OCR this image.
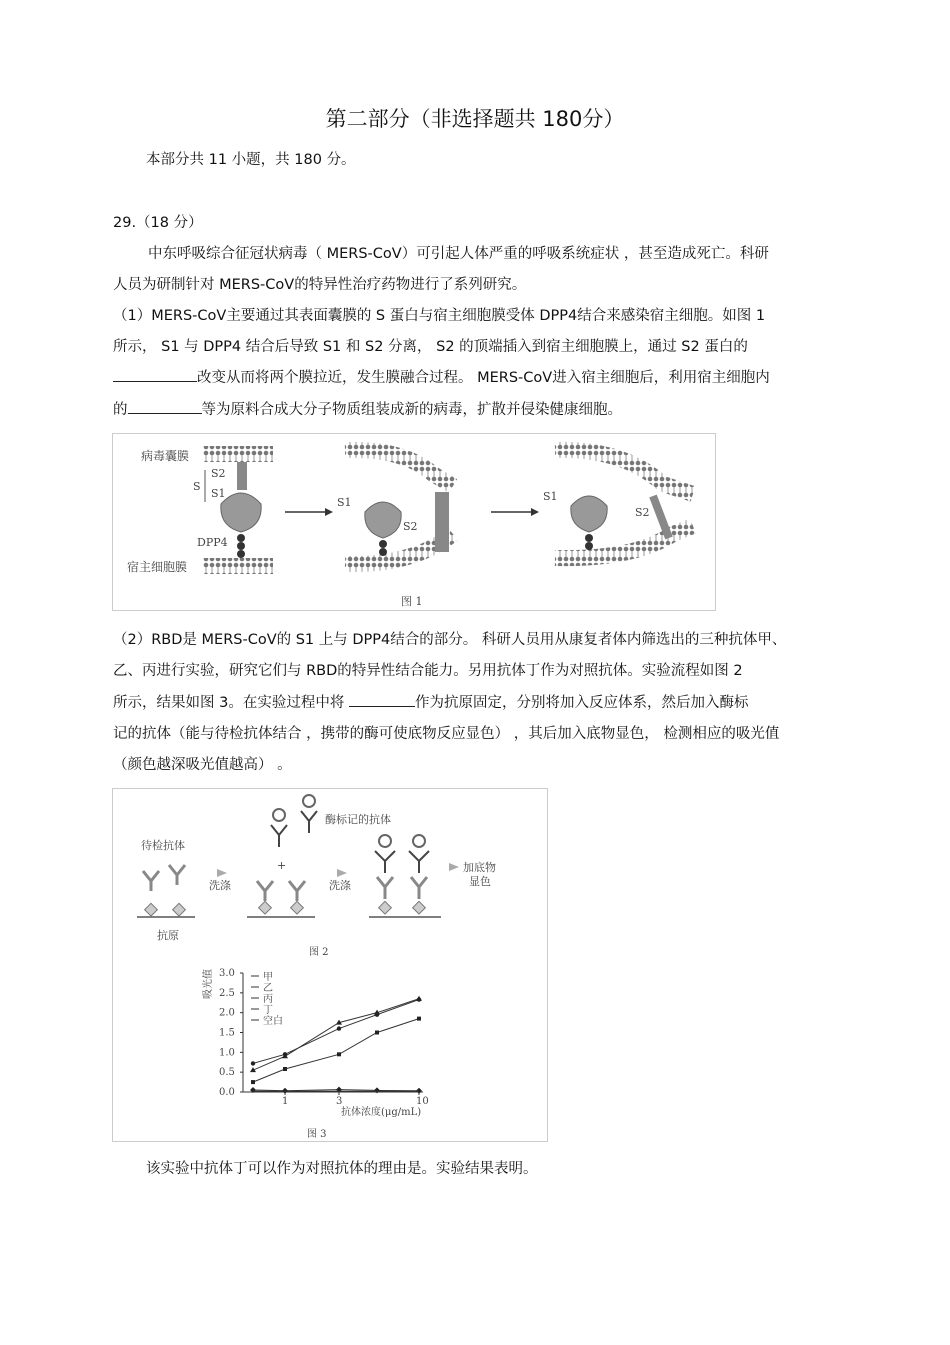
第二部分（非选择题共 180分）
本部分共 11 小题，共 180 分。
29.（18 分）
中东呼吸综合征冠状病毒（ MERS-CoV）可引起人体严重的呼吸系统症状 ，甚至造成死亡。科研
人员为研制针对 MERS-CoV的特异性治疗药物进行了系列研究。
（1）MERS-CoV主要通过其表面囊膜的 S 蛋白与宿主细胞膜受体 DPP4结合来感染宿主细胞。如图 1
所示， S1 与 DPP4 结合后导致 S1 和 S2 分离， S2 的顶端插入到宿主细胞膜上，通过 S2 蛋白的
改变从而将两个膜拉近，发生膜融合过程。 MERS-CoV进入宿主细胞后，利用宿主细胞内
的	等为原料合成大分子物质组装成新的病毒，扩散并侵染健康细胞。
病毒囊膜
宿主细胞膜
S
S2
S1
DPP4
S1
S2
S1
S2
图 1
（2）RBD是 MERS-CoV的 S1 上与 DPP4结合的部分。 科研人员用从康复者体内筛选出的三种抗体甲、
乙、丙进行实验，研究它们与 RBD的特异性结合能力。另用抗体丁作为对照抗体。实验流程如图 2
所示，结果如图 3。在实验过程中将	作为抗原固定，分别将加入反应体系，然后加入酶标
记的抗体（能与待检抗体结合 ，携带的酶可使底物反应显色） ，其后加入底物显色， 检测相应的吸光值
（颜色越深吸光值越高） 。
待检抗体
抗原
洗涤
酶标记的抗体
+
洗涤
加底物
显色
图 2
图 3
吸光值
抗体浓度(μg/mL)
0.0
0.5
1.0
1.5
2.0
2.5
3.0
1	3	10
甲
乙
丙
丁
空白
该实验中抗体丁可以作为对照抗体的理由是。实验结果表明。
